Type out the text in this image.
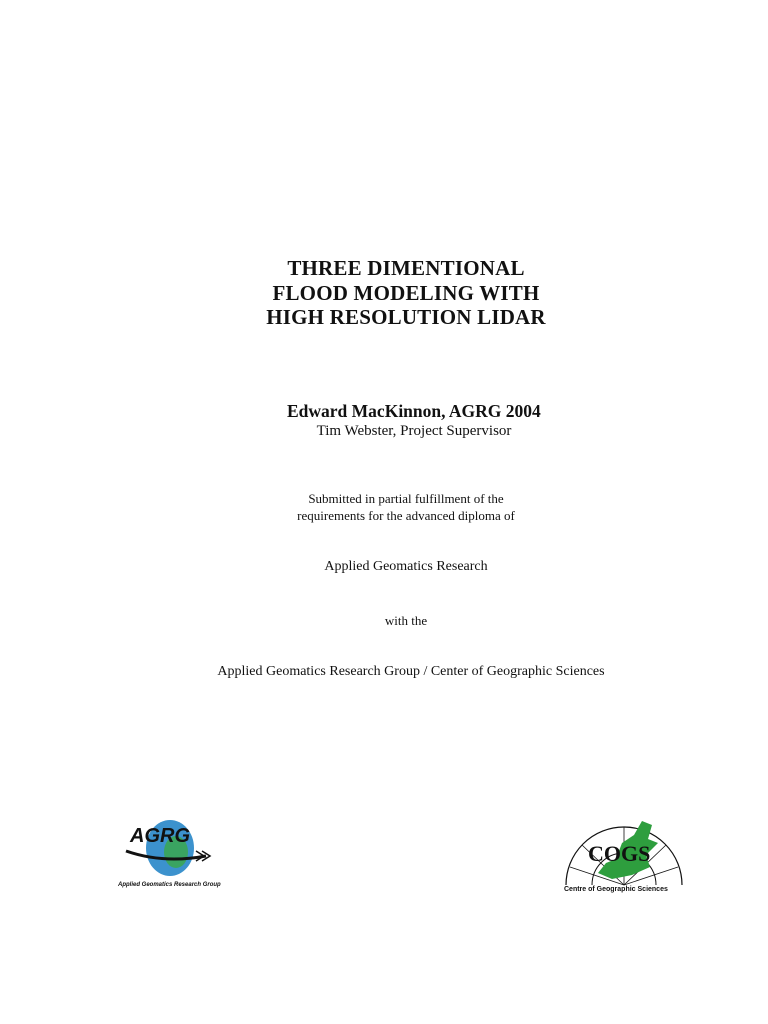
THREE DIMENTIONAL
FLOOD MODELING WITH
HIGH RESOLUTION LIDAR
Edward MacKinnon, AGRG 2004
Tim Webster, Project Supervisor
Submitted in partial fulfillment of the
requirements for the advanced diploma of
Applied Geomatics Research
with the
Applied Geomatics Research Group / Center of Geographic Sciences
AGRG
Applied Geomatics Research Group
COGS
Centre of Geographic Sciences
